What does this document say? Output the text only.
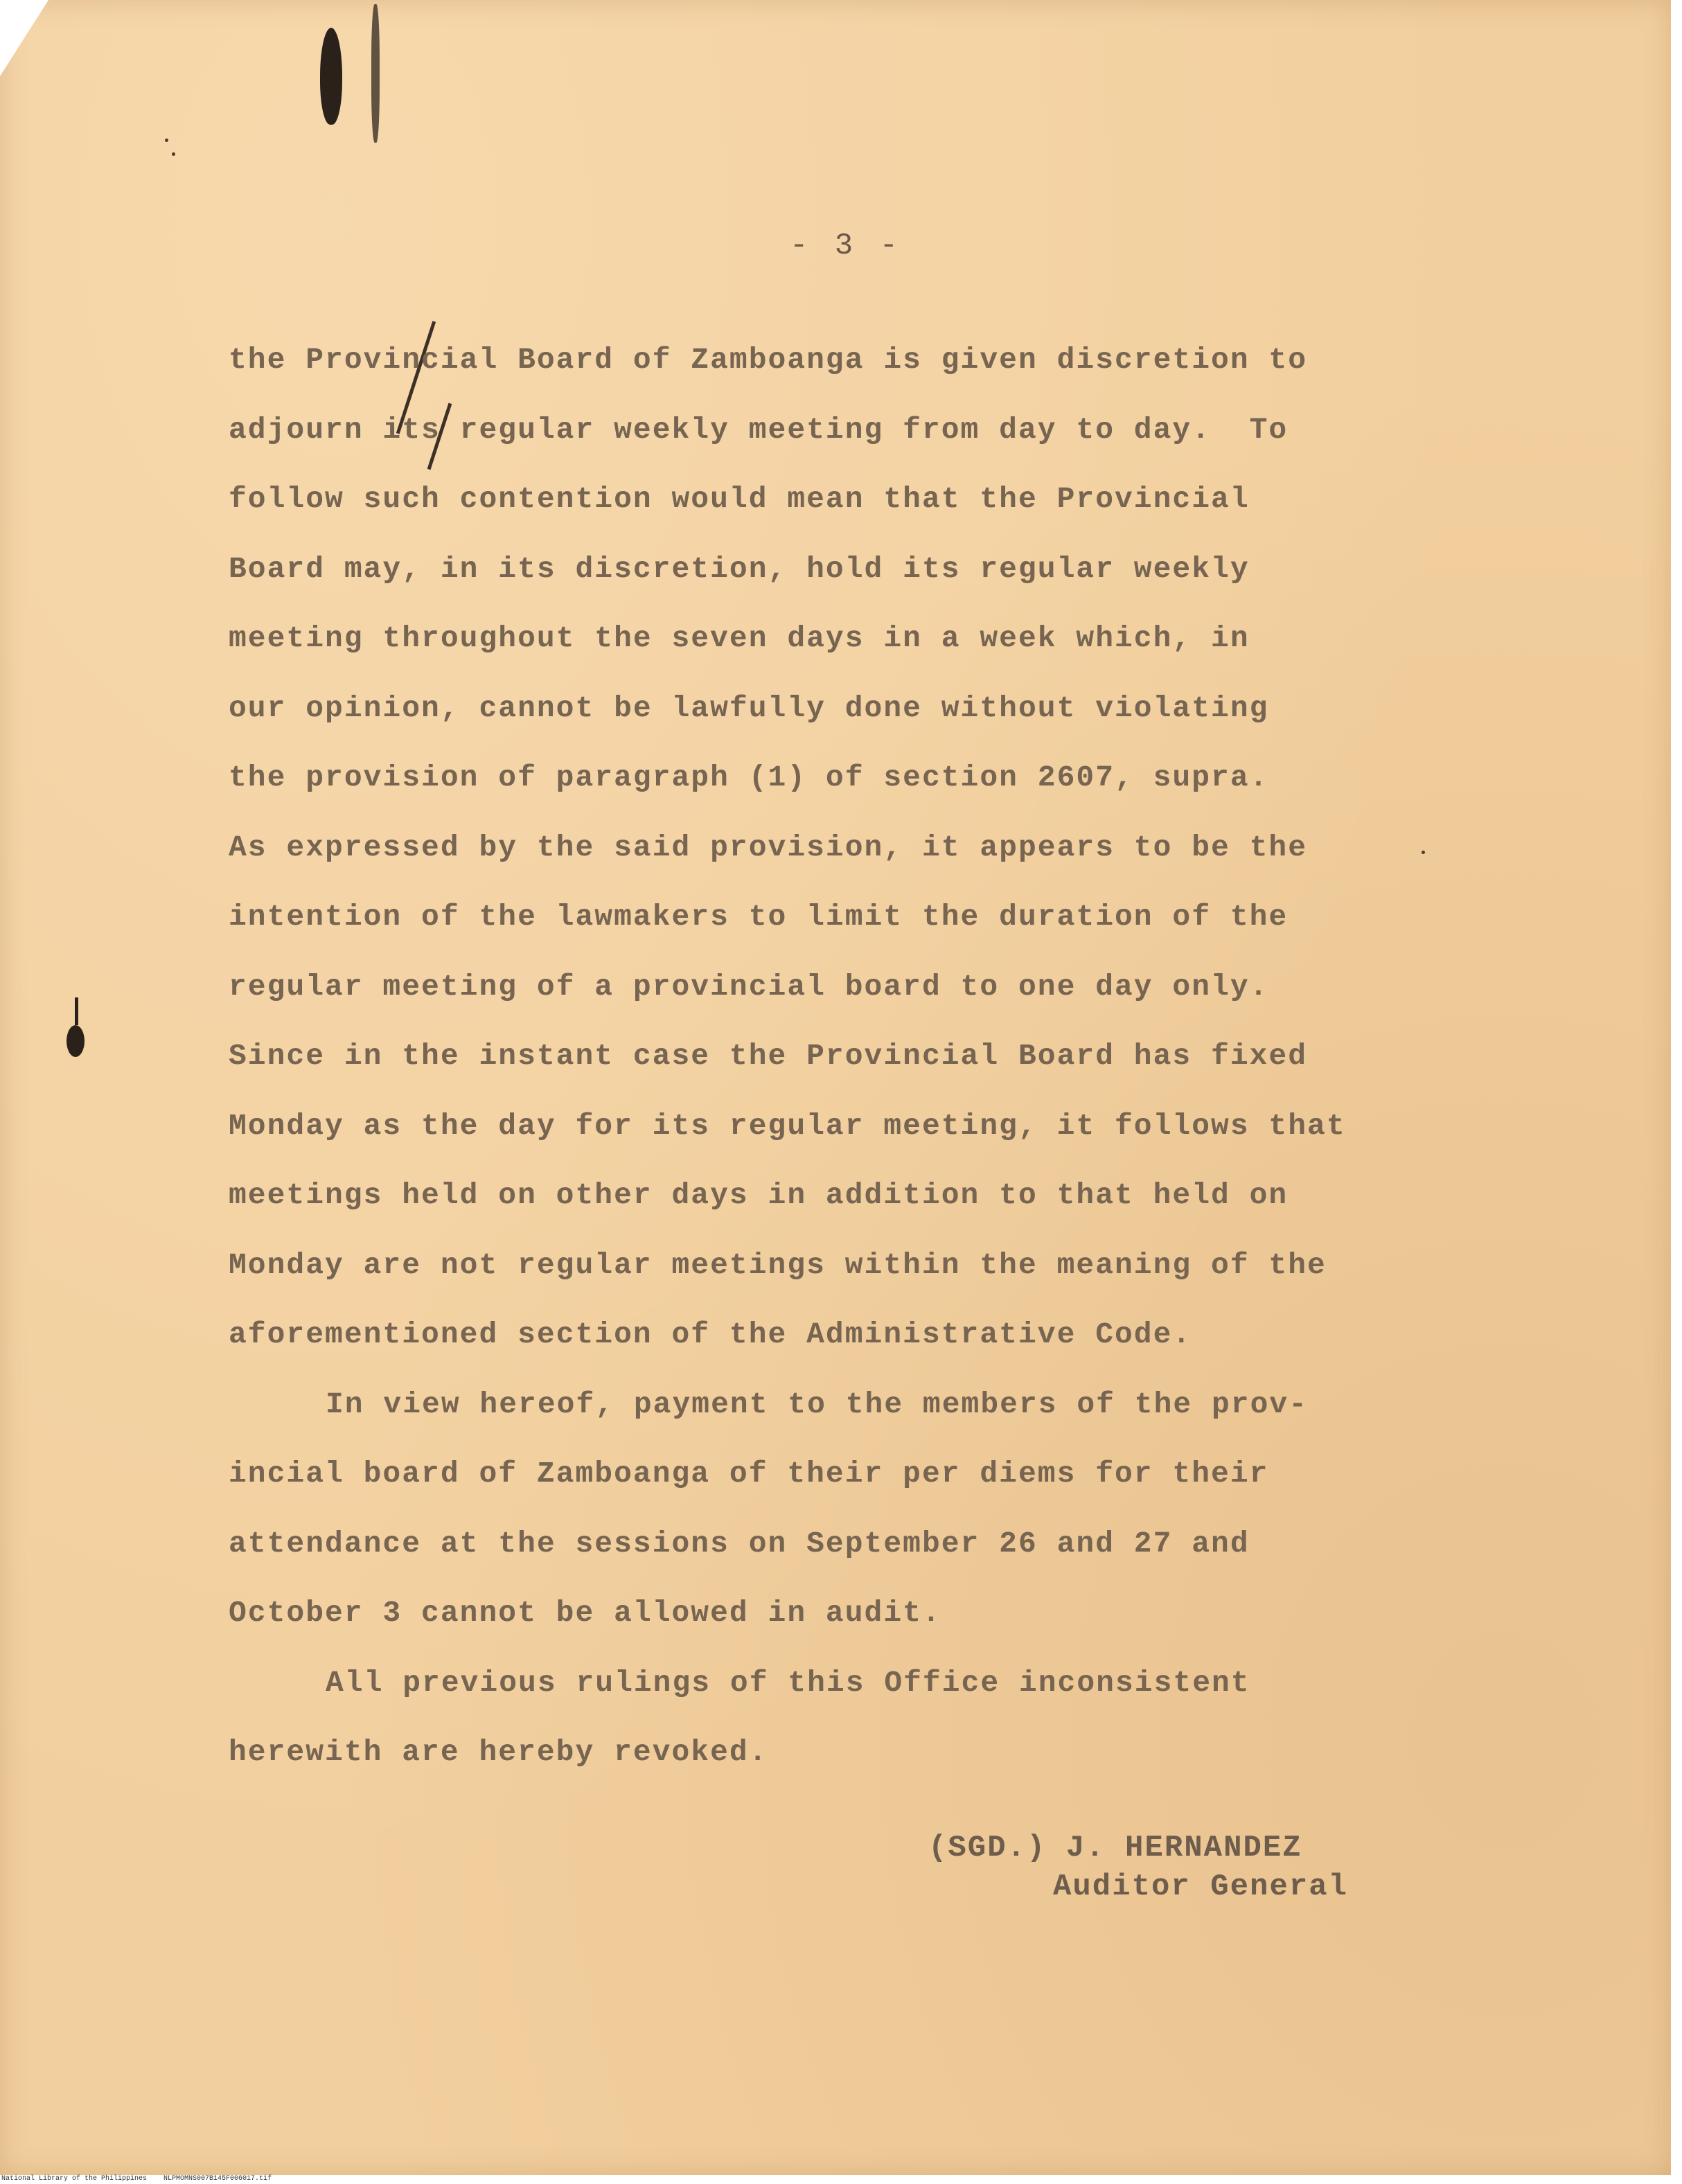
- 3 -
the Provincial Board of Zamboanga is given discretion to
adjourn its regular weekly meeting from day to day.  To
follow such contention would mean that the Provincial
Board may, in its discretion, hold its regular weekly
meeting throughout the seven days in a week which, in
our opinion, cannot be lawfully done without violating
the provision of paragraph (1) of section 2607, supra.
As expressed by the said provision, it appears to be the
intention of the lawmakers to limit the duration of the
regular meeting of a provincial board to one day only.
Since in the instant case the Provincial Board has fixed
Monday as the day for its regular meeting, it follows that
meetings held on other days in addition to that held on
Monday are not regular meetings within the meaning of the
aforementioned section of the Administrative Code.
In view hereof, payment to the members of the prov-
incial board of Zamboanga of their per diems for their
attendance at the sessions on September 26 and 27 and
October 3 cannot be allowed in audit.
All previous rulings of this Office inconsistent
herewith are hereby revoked.
(SGD.) J. HERNANDEZ
Auditor General
National Library of the Philippines    NLPMOMNS007B145F006017.tif
